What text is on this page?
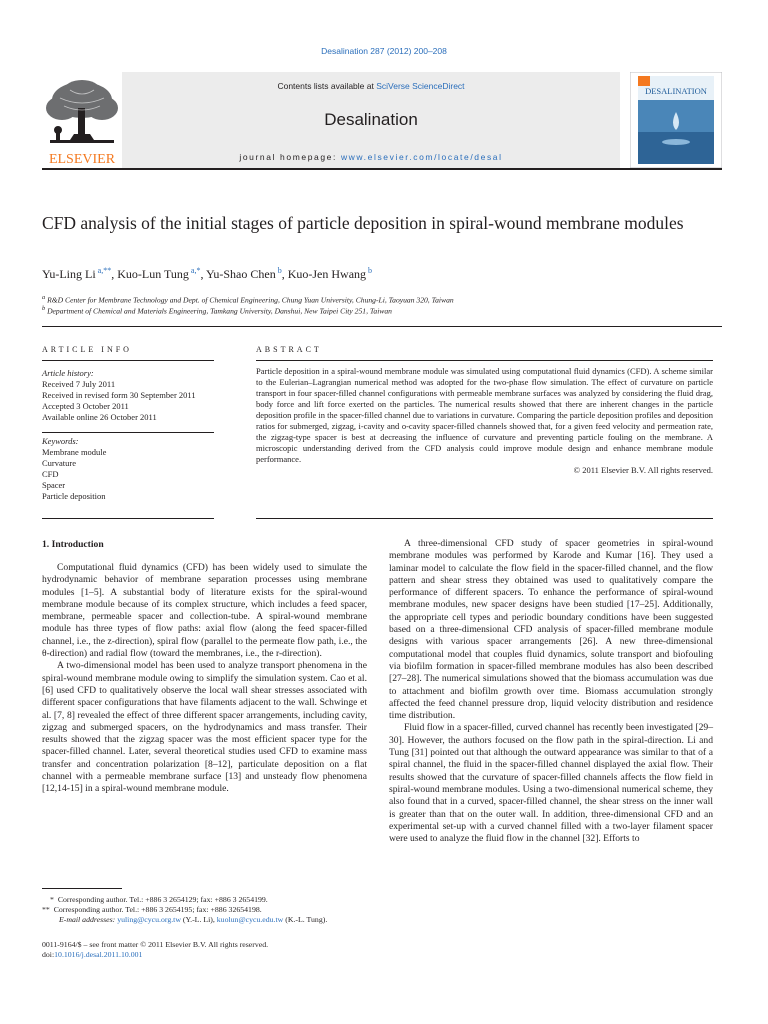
Desalination 287 (2012) 200–208
ELSEVIER
Contents lists available at SciVerse ScienceDirect
Desalination
journal homepage: www.elsevier.com/locate/desal
DESALINATION
CFD analysis of the initial stages of particle deposition in spiral-wound membrane modules
Yu-Ling Li $^{a,**}$, Kuo-Lun Tung $^{a,*}$, Yu-Shao Chen $^b$, Kuo-Jen Hwang $^b$
$^a$ R&D Center for Membrane Technology and Dept. of Chemical Engineering, Chung Yuan University, Chung-Li, Taoyuan 320, Taiwan
$^b$ Department of Chemical and Materials Engineering, Tamkang University, Danshui, New Taipei City 251, Taiwan
ARTICLE INFO
Article history:
Received 7 July 2011
Received in revised form 30 September 2011
Accepted 3 October 2011
Available online 26 October 2011
Keywords:
Membrane module
Curvature
CFD
Spacer
Particle deposition
ABSTRACT
Particle deposition in a spiral-wound membrane module was simulated using computational fluid dynamics (CFD). A scheme similar to the Eulerian–Lagrangian numerical method was adopted for the two-phase flow simulation. The effect of curvature on particle transport in four spacer-filled channel configurations with permeable membrane surfaces was analyzed by considering the fluid drag, body force and lift force exerted on the particles. The numerical results showed that there are inherent changes in the particle deposition profile in the spacer-filled channel due to variations in curvature. Comparing the particle deposition profiles and deposition ratios for submerged, zigzag, i-cavity and o-cavity spacer-filled channels showed that, for a given feed velocity and permeation rate, the zigzag-type spacer is best at decreasing the influence of curvature and preventing particle fouling on the membrane. A microscopic understanding derived from the CFD analysis could improve module design and enhance membrane module performance.
© 2011 Elsevier B.V. All rights reserved.
1. Introduction

Computational fluid dynamics (CFD) has been widely used to simulate the hydrodynamic behavior of membrane separation processes using membrane modules [1–5]. A substantial body of literature exists for the spiral-wound membrane module because of its complex structure, which includes a feed spacer, membrane, permeable spacer and collection-tube. A spiral-wound membrane module has three types of flow paths: axial flow (along the feed spacer-filled channel, i.e., the z-direction), spiral flow (parallel to the permeate flow path, i.e., the θ-direction) and radial flow (toward the membranes, i.e., the r-direction).

A two-dimensional model has been used to analyze transport phenomena in the spiral-wound membrane module owing to simplify the simulation system. Cao et al. [6] used CFD to qualitatively observe the local wall shear stresses associated with different spacer configurations that have filaments adjacent to the wall. Schwinge et al. [7, 8] revealed the effect of three different spacer arrangements, including cavity, zigzag and submerged spacers, on the hydrodynamics and mass transfer. Their results showed that the zigzag spacer was the most efficient spacer type for the spacer-filled channel. Later, several theoretical studies used CFD to examine mass transfer and concentration polarization [8–12], particulate deposition on a flat channel with a permeable membrane surface [13] and unsteady flow phenomena [12,14-15] in a spiral-wound membrane module.

A three-dimensional CFD study of spacer geometries in spiral-wound membrane modules was performed by Karode and Kumar [16]. They used a laminar model to calculate the flow field in the spacer-filled channel, and the flow pattern and shear stress they obtained was used to qualitatively compare the performance of different spacers. To enhance the performance of spiral-wound membrane modules, new spacer designs have been studied [17–25]. Additionally, the appropriate cell types and periodic boundary conditions have been suggested based on a three-dimensional CFD analysis of spacer-filled membrane module designs with various spacer arrangements [26]. A new three-dimensional computational model that couples fluid dynamics, solute transport and biofouling via biofilm formation in spacer-filled membrane modules has also been described [27–28]. The numerical simulations showed that the biomass accumulation was due to attachment and biofilm growth over time. Biomass accumulation strongly affected the feed channel pressure drop, liquid velocity distribution and residence time distribution.

Fluid flow in a spacer-filled, curved channel has recently been investigated [29–30]. However, the authors focused on the flow path in the spiral-direction. Li and Tung [31] pointed out that although the outward appearance was similar to that of a spiral channel, the fluid in the spacer-filled channel displayed the axial flow. Their results showed that the curvature of spacer-filled channels affects the flow field in spiral-wound membrane modules. Using a two-dimensional numerical scheme, they also found that in a curved, spacer-filled channel, the shear stress on the inner wall is greater than that on the outer wall. In addition, three-dimensional CFD and an experimental set-up with a curved channel filled with a two-layer filament spacer were used to analyze the fluid flow in the channel [32]. Efforts to

* Corresponding author. Tel.: +886 3 2654129; fax: +886 3 2654199.
** Corresponding author. Tel.: +886 3 2654195; fax: +886 32654198.
E-mail addresses: yuling@cycu.org.tw (Y.-L. Li), kuolun@cycu.edu.tw (K.-L. Tung).
0011-9164/$ – see front matter © 2011 Elsevier B.V. All rights reserved.
doi:10.1016/j.desal.2011.10.001
